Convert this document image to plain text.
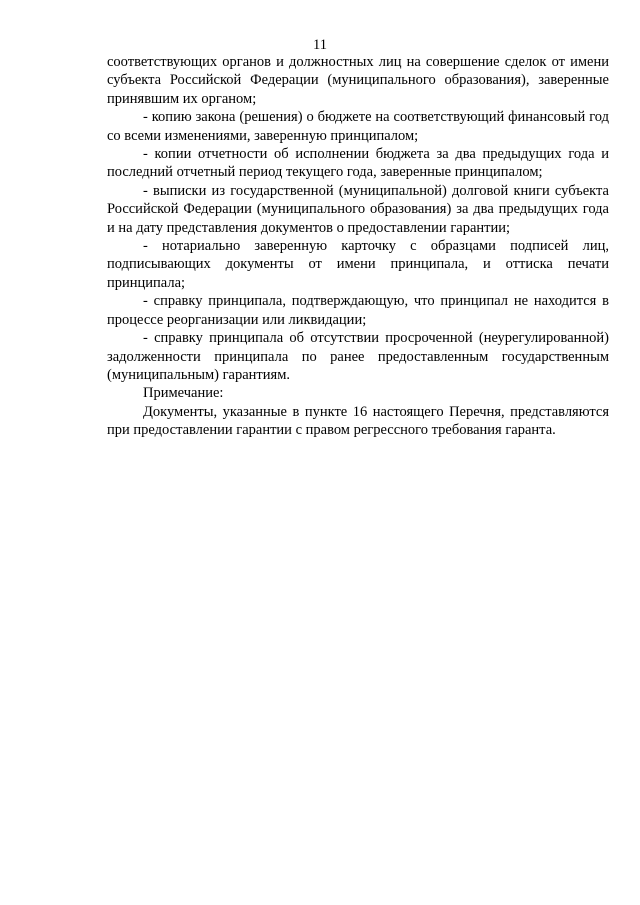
11

соответствующих органов и должностных лиц на совершение сделок от имени субъекта Российской Федерации (муниципального образования), заверенные принявшим их органом;

- копию закона (решения) о бюджете на соответствующий финансовый год со всеми изменениями, заверенную принципалом;

- копии отчетности об исполнении бюджета за два предыдущих года и последний отчетный период текущего года, заверенные принципалом;

- выписки из государственной (муниципальной) долговой книги субъекта Российской Федерации (муниципального образования) за два предыдущих года и на дату представления документов о предоставлении гарантии;

- нотариально заверенную карточку с образцами подписей лиц, подписывающих документы от имени принципала, и оттиска печати принципала;

- справку принципала, подтверждающую, что принципал не находится в процессе реорганизации или ликвидации;

- справку принципала об отсутствии просроченной (неурегулированной) задолженности принципала по ранее предоставленным государственным (муниципальным) гарантиям.

Примечание:

Документы, указанные в пункте 16 настоящего Перечня, представляются при предоставлении гарантии с правом регрессного требования гаранта.
